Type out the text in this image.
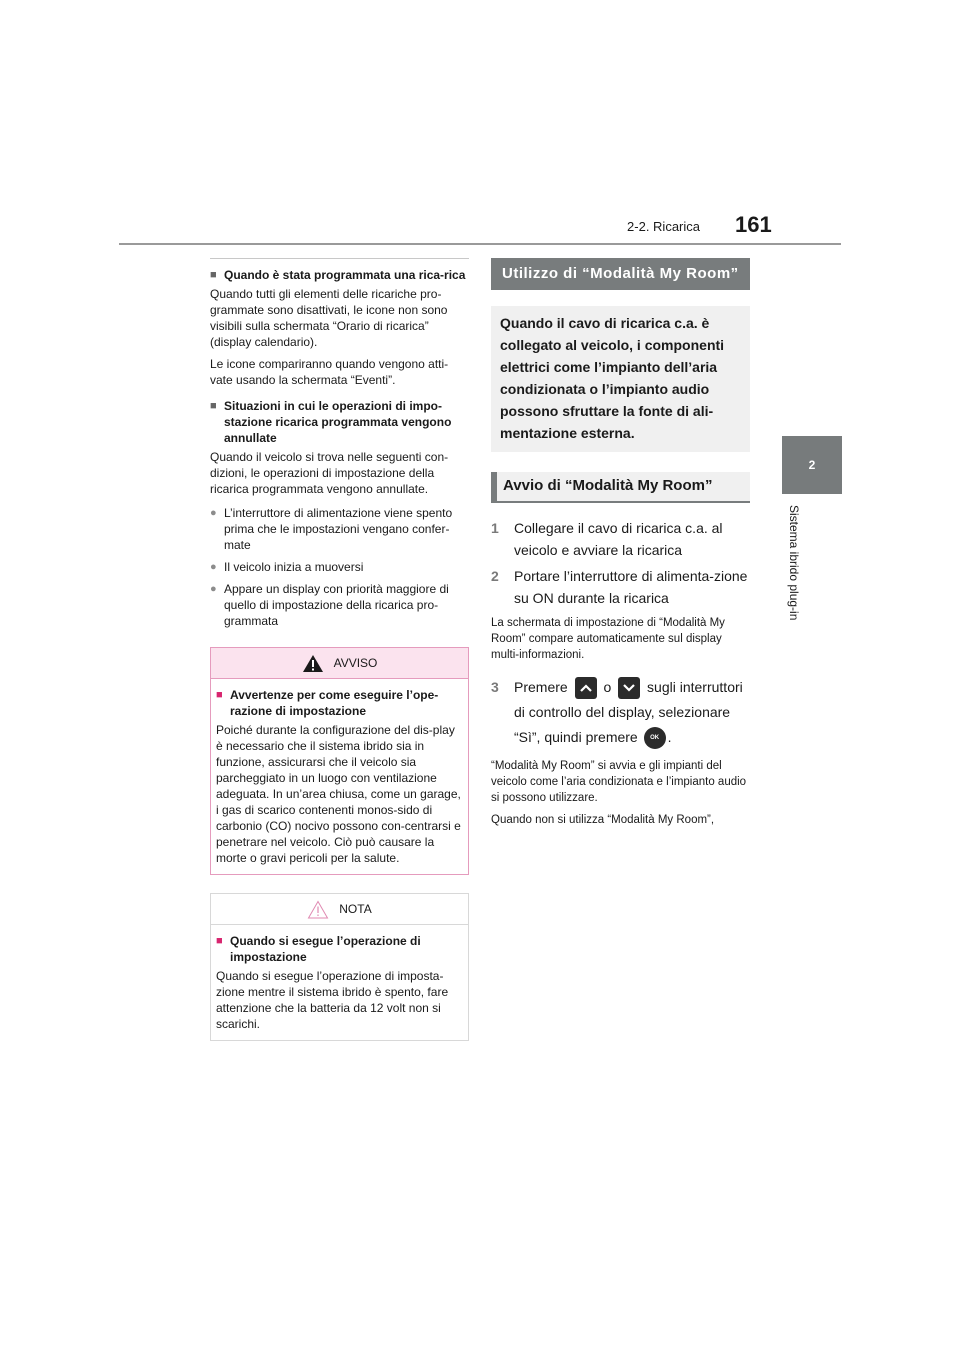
2-2. Ricarica 161
2
Sistema ibrido plug-in
■ Quando è stata programmata una rica-rica

Quando tutti gli elementi delle ricariche pro-grammate sono disattivati, le icone non sono visibili sulla schermata “Orario di ricarica” (display calendario).

Le icone compariranno quando vengono atti-vate usando la schermata “Eventi”.

■ Situazioni in cui le operazioni di impo-stazione ricarica programmata vengono annullate

Quando il veicolo si trova nelle seguenti con-dizioni, le operazioni di impostazione della ricarica programmata vengono annullate.

● L’interruttore di alimentazione viene spento prima che le impostazioni vengano confer-mate
● Il veicolo inizia a muoversi
● Appare un display con priorità maggiore di quello di impostazione della ricarica pro-grammata
AVVISO
■ Avvertenze per come eseguire l’ope-razione di impostazione

Poiché durante la configurazione del dis-play è necessario che il sistema ibrido sia in funzione, assicurarsi che il veicolo sia parcheggiato in un luogo con ventilazione adeguata. In un’area chiusa, come un garage, i gas di scarico contenenti monos-sido di carbonio (CO) nocivo possono con-centrarsi e penetrare nel veicolo. Ciò può causare la morte o gravi pericoli per la salute.

NOTA
■ Quando si esegue l’operazione di impostazione

Quando si esegue l’operazione di imposta-zione mentre il sistema ibrido è spento, fare attenzione che la batteria da 12 volt non si scarichi.

Utilizzo di “Modalità My Room”
Quando il cavo di ricarica c.a. è collegato al veicolo, i componenti elettrici come l’impianto dell’aria condizionata o l’impianto audio possono sfruttare la fonte di ali-mentazione esterna.
Avvio di “Modalità My Room”
1	Collegare il cavo di ricarica c.a. al veicolo e avviare la ricarica
2	Portare l’interruttore di alimenta-zione su ON durante la ricarica

La schermata di impostazione di “Modalità My Room” compare automaticamente sul display multi-informazioni.

3	Premere	o	sugli interruttori di controllo del display, selezionare “Sì”, quindi premere OK .

“Modalità My Room” si avvia e gli impianti del veicolo come l’aria condizionata e l’impianto audio si possono utilizzare.

Quando non si utilizza “Modalità My Room”,
